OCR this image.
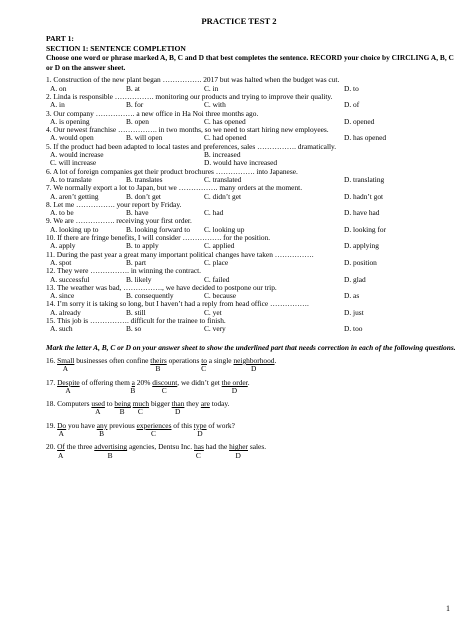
PRACTICE TEST 2
PART 1:
SECTION 1: SENTENCE COMPLETION
Choose one word or phrase marked A, B, C and D that best completes the sentence. RECORD your choice by CIRCLING A, B, C or D on the answer sheet.
1. Construction of the new plant began ……………. 2017 but was halted when the budget was cut.
A. on	B. at	C. in	D. to
2. Linda is responsible ……………. monitoring our products and trying to improve their quality.
A. in	B. for	C. with	D. of
3. Our company ……………. a new office in Ha Noi three months ago.
A. is opening	B. open	C. has opened	D. opened
4. Our newest franchise ……………. in two months, so we need to start hiring new employees.
A. would open	B. will open	C. had opened	D. has opened
5. If the product had been adapted to local tastes and preferences, sales ……………. dramatically.
A. would increase	B. increased
C. will increase	D. would have increased
6. A lot of foreign companies get their product brochures ……………. into Japanese.
A. to translate	B. translates	C. translated	D. translating
7. We normally export a lot to Japan, but we ……………. many orders at the moment.
A. aren’t getting	B. don’t get	C. didn’t get	D. hadn’t got
8. Let me ……………. your report by Friday.
A. to be	B. have	C. had	D. have had
9. We are ……………. receiving your first order.
A. looking up to	B. looking forward to C. looking up	D. looking for
10. If there are fringe benefits, I will consider ……………. for the position.
A. apply	B. to apply	C. applied	D. applying
11. During the past year a great many important political changes have taken …………….
A. spot	B. part	C. place	D. position
12. They were ……………. in winning the contract.
A. successful	B. likely	C. failed	D. glad
13. The weather was bad, ……………., we have decided to postpone our trip.
A. since	B. consequently	C. because	D. as
14. I’m sorry it is taking so long, but I haven’t had a reply from head office …………….
A. already	B. still	C. yet	D. just
15. This job is ……………. difficult for the trainee to finish.
A. such	B. so	C. very	D. too
Mark the letter A, B, C or D on your answer sheet to show the underlined part that needs correction in each of the following questions.
16. Small businesses often confine theirs operations to a single neighborhood.
A	B	C	D
17. Despite of offering them a 20% discount, we didn’t get the order.
A	B	C	D
18. Computers used to being much bigger than they are today.
A	B C	D
19. Do you have any previous experiences of this type of work?
A	B	C	D
20. Of the three advertising agencies, Dentsu Inc. has had the higher sales.
A	B	C	D
1
